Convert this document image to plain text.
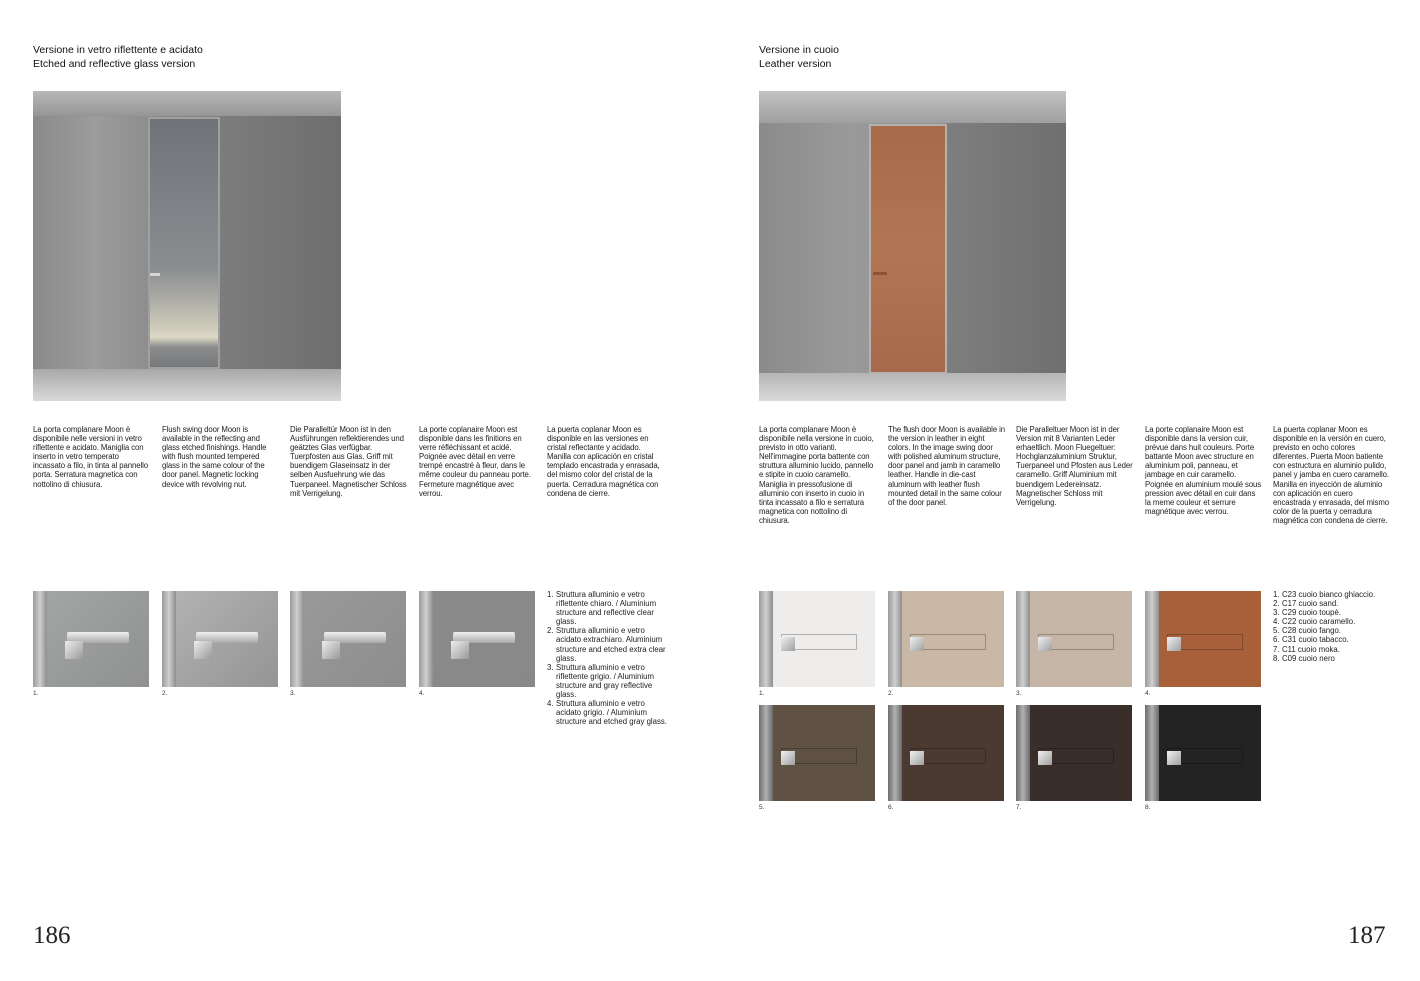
Versione in vetro riflettente e acidato
Etched and reflective glass version
La porta complanare Moon è disponibile nelle versioni in vetro riflettente e acidato. Maniglia con inserto in vetro temperato incassato a filo, in tinta al pannello porta. Serratura magnetica con nottolino di chiusura.
Flush swing door Moon is available in the reflecting and glass etched finishings. Handle with flush mounted tempered glass in the same colour of the door panel. Magnetic locking device with revolving nut.
Die Paralleltür Moon ist in den Ausführungen reflektierendes und geätztes Glas verfügbar. Tuerpfosten aus Glas. Griff mit buendigem Glaseinsatz in der selben Ausfuehrung wie das Tuerpaneel. Magnetischer Schloss mit Verrigelung.
La porte coplanaire Moon est disponible dans les finitions en verre réfléchissant et acidé. Poignée avec détail en verre trempé encastré à fleur, dans le même couleur du panneau porte. Fermeture magnétique avec verrou.
La puerta coplanar Moon es disponible en las versiones en cristal reflectante y acidado. Manilla con aplicación en cristal templado encastrada y enrasada, del mismo color del cristal de la puerta. Cerradura magnética con condena de cierre.
1.	2.	3.	4.
1. Struttura alluminio e vetro riflettente chiaro. / Aluminium structure and reflective clear glass.
2. Struttura alluminio e vetro acidato extrachiaro. Aluminium structure and etched extra clear glass.
3. Struttura alluminio e vetro riflettente grigio. / Aluminium structure and gray reflective glass.
4. Struttura alluminio e vetro acidato grigio. / Aluminium structure and etched gray glass.
186
Versione in cuoio
Leather version
La porta complanare Moon è disponibile nella versione in cuoio, previsto in otto varianti. Nell'immagine porta battente con struttura alluminio lucido, pannello e stipite in cuoio caramello. Maniglia in pressofusione di alluminio con inserto in cuoio in tinta incassato a filo e serratura magnetica con nottolino di chiusura.
The flush door Moon is available in the version in leather in eight colors. In the image swing door with polished aluminum structure, door panel and jamb in caramello leather. Handle in die-cast aluminum with leather flush mounted detail in the same colour of the door panel.
Die Paralleltuer Moon ist in der Version mit 8 Varianten Leder erhaeltlich. Moon Fluegeltuer: Hochglanzaluminium Struktur, Tuerpaneel und Pfosten aus Leder caramello. Griff Aluminium mit buendigem Ledereinsatz. Magnetischer Schloss mit Verrigelung.
La porte coplanaire Moon est disponible dans la version cuir, prévue dans huit couleurs. Porte battante Moon avec structure en aluminium poli, panneau, et jambage en cuir caramello. Poignée en aluminium moulé sous pression avec détail en cuir dans la meme couleur et serrure magnétique avec verrou.
La puerta coplanar Moon es disponible en la versión en cuero, previsto en ocho colores diferentes. Puerta Moon batiente con estructura en aluminio pulido, panel y jamba en cuero caramello. Manilla en inyección de aluminio con aplicación en cuero encastrada y enrasada, del mismo color de la puerta y cerradura magnética con condena de cierre.
1.	2.	3.	4.
5.	6.	7.	8.
1. C23 cuoio bianco ghiaccio.
2. C17 cuoio sand.
3. C29 cuoio toupè.
4. C22 cuoio caramello.
5. C28 cuoio fango.
6. C31 cuoio tabacco.
7. C11 cuoio moka.
8. C09 cuoio nero
187
